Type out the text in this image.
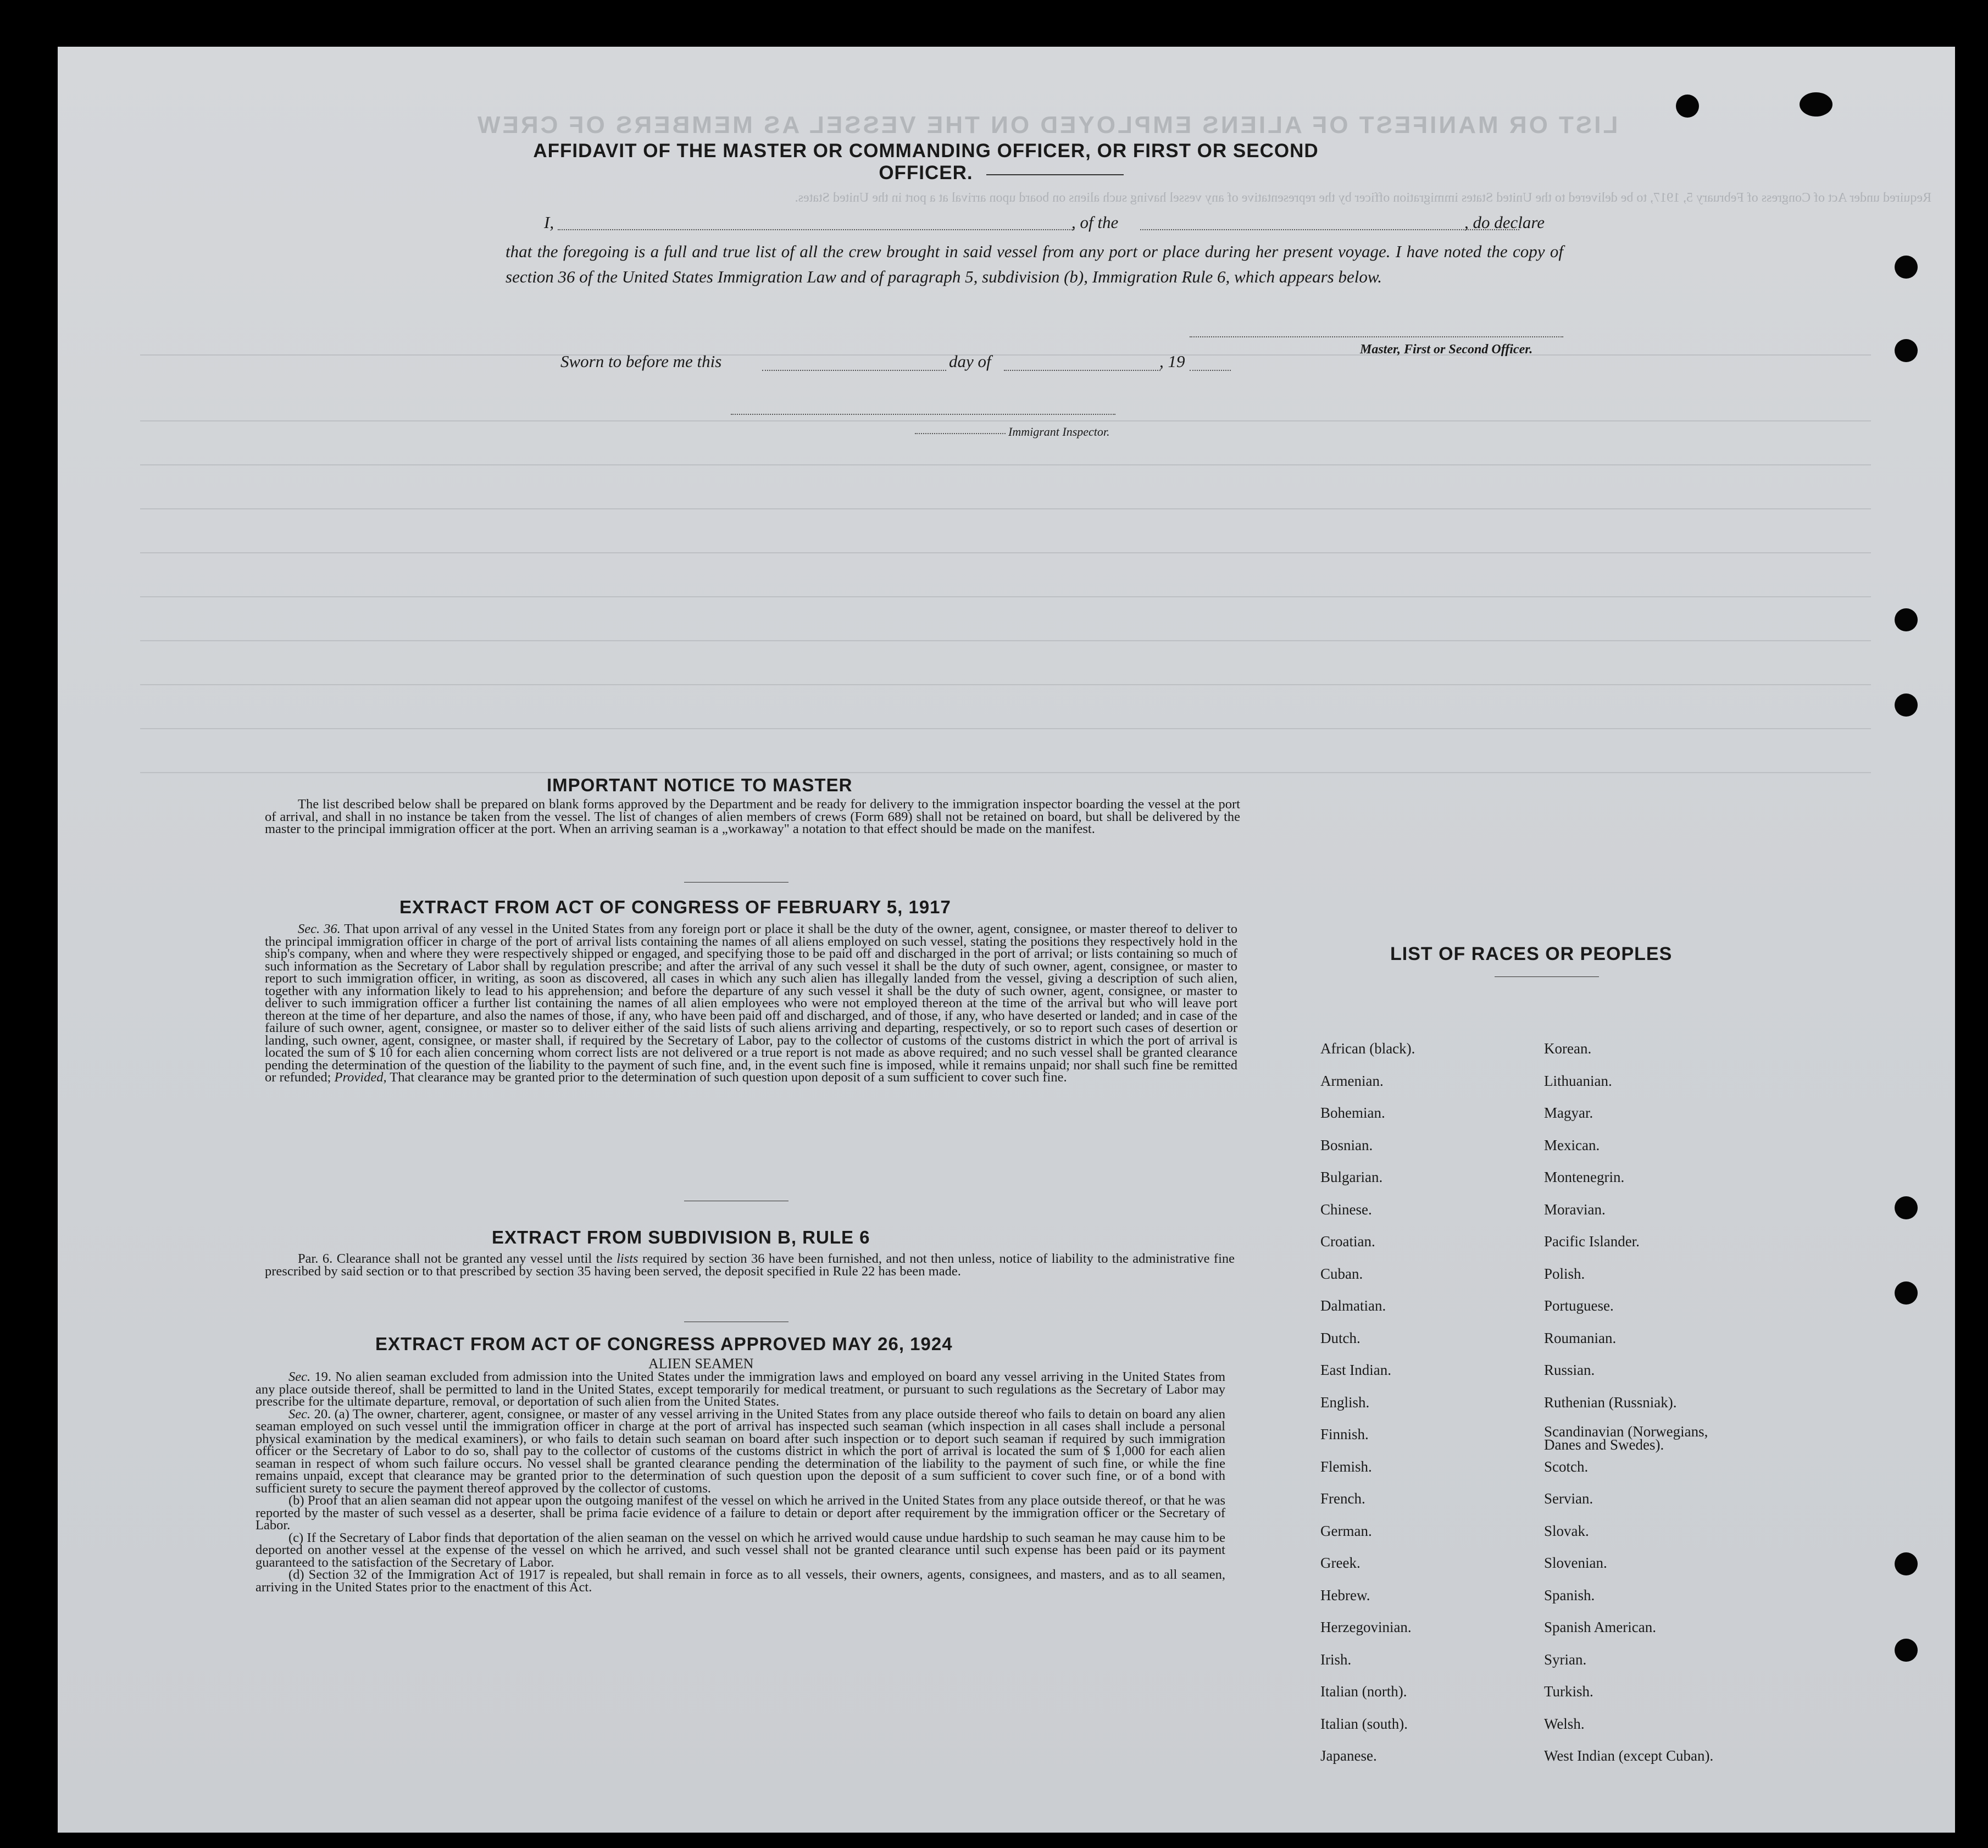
LIST OR MANIFEST OF ALIENS EMPLOYED ON THE VESSEL AS MEMBERS OF CREW
Required under Act of Congress of February 5, 1917, to be delivered to the United States immigration officer by the representative of any vessel having such aliens on board upon arrival at a port in the United States.
AFFIDAVIT OF THE MASTER OR COMMANDING OFFICER, OR FIRST OR SECOND OFFICER.
I,	, of the	, do declare
that the foregoing is a full and true list of all the crew brought in said vessel from any port or place during her present voyage. I have noted the copy of section 36 of the United States Immigration Law and of paragraph 5, subdivision (b), Immigration Rule 6, which appears below.
Master, First or Second Officer.
Sworn to before me this	day of	, 19
Immigrant Inspector.
IMPORTANT NOTICE TO MASTER

The list described below shall be prepared on blank forms approved by the Department and be ready for delivery to the immigration inspector boarding the vessel at the port of arrival, and shall in no instance be taken from the vessel. The list of changes of alien members of crews (Form 689) shall not be retained on board, but shall be delivered by the master to the principal immigration officer at the port. When an arriving seaman is a „workaway" a notation to that effect should be made on the manifest.

EXTRACT FROM ACT OF CONGRESS OF FEBRUARY 5, 1917

Sec. 36. That upon arrival of any vessel in the United States from any foreign port or place it shall be the duty of the owner, agent, consignee, or master thereof to deliver to the principal immigration officer in charge of the port of arrival lists containing the names of all aliens employed on such vessel, stating the positions they respectively hold in the ship's company, when and where they were respectively shipped or engaged, and specifying those to be paid off and discharged in the port of arrival; or lists containing so much of such information as the Secretary of Labor shall by regulation prescribe; and after the arrival of any such vessel it shall be the duty of such owner, agent, consignee, or master to report to such immigration officer, in writing, as soon as discovered, all cases in which any such alien has illegally landed from the vessel, giving a description of such alien, together with any information likely to lead to his apprehension; and before the departure of any such vessel it shall be the duty of such owner, agent, consignee, or master to deliver to such immigration officer a further list containing the names of all alien employees who were not employed thereon at the time of the arrival but who will leave port thereon at the time of her departure, and also the names of those, if any, who have been paid off and discharged, and of those, if any, who have deserted or landed; and in case of the failure of such owner, agent, consignee, or master so to deliver either of the said lists of such aliens arriving and departing, respectively, or so to report such cases of desertion or landing, such owner, agent, consignee, or master shall, if required by the Secretary of Labor, pay to the collector of customs of the customs district in which the port of arrival is located the sum of $ 10 for each alien concerning whom correct lists are not delivered or a true report is not made as above required; and no such vessel shall be granted clearance pending the determination of the question of the liability to the payment of such fine, and, in the event such fine is imposed, while it remains unpaid; nor shall such fine be remitted or refunded; Provided, That clearance may be granted prior to the determination of such question upon deposit of a sum sufficient to cover such fine.

EXTRACT FROM SUBDIVISION B, RULE 6

Par. 6. Clearance shall not be granted any vessel until the lists required by section 36 have been furnished, and not then unless, notice of liability to the administrative fine prescribed by said section or to that prescribed by section 35 having been served, the deposit specified in Rule 22 has been made.

EXTRACT FROM ACT OF CONGRESS APPROVED MAY 26, 1924
ALIEN SEAMEN

Sec. 19. No alien seaman excluded from admission into the United States under the immigration laws and employed on board any vessel arriving in the United States from any place outside thereof, shall be permitted to land in the United States, except temporarily for medical treatment, or pursuant to such regulations as the Secretary of Labor may prescribe for the ultimate departure, removal, or deportation of such alien from the United States.

Sec. 20. (a) The owner, charterer, agent, consignee, or master of any vessel arriving in the United States from any place outside thereof who fails to detain on board any alien seaman employed on such vessel until the immigration officer in charge at the port of arrival has inspected such seaman (which inspection in all cases shall include a personal physical examination by the medical examiners), or who fails to detain such seaman on board after such inspection or to deport such seaman if required by such immigration officer or the Secretary of Labor to do so, shall pay to the collector of customs of the customs district in which the port of arrival is located the sum of $ 1,000 for each alien seaman in respect of whom such failure occurs. No vessel shall be granted clearance pending the determination of the liability to the payment of such fine, or while the fine remains unpaid, except that clearance may be granted prior to the determination of such question upon the deposit of a sum sufficient to cover such fine, or of a bond with sufficient surety to secure the payment thereof approved by the collector of customs.

(b) Proof that an alien seaman did not appear upon the outgoing manifest of the vessel on which he arrived in the United States from any place outside thereof, or that he was reported by the master of such vessel as a deserter, shall be prima facie evidence of a failure to detain or deport after requirement by the immigration officer or the Secretary of Labor.

(c) If the Secretary of Labor finds that deportation of the alien seaman on the vessel on which he arrived would cause undue hardship to such seaman he may cause him to be deported on another vessel at the expense of the vessel on which he arrived, and such vessel shall not be granted clearance until such expense has been paid or its payment guaranteed to the satisfaction of the Secretary of Labor.

(d) Section 32 of the Immigration Act of 1917 is repealed, but shall remain in force as to all vessels, their owners, agents, consignees, and masters, and as to all seamen, arriving in the United States prior to the enactment of this Act.

LIST OF RACES OR PEOPLES
African (black).
Armenian.
Bohemian.
Bosnian.
Bulgarian.
Chinese.
Croatian.
Cuban.
Dalmatian.
Dutch.
East Indian.
English.
Finnish.
Flemish.
French.
German.
Greek.
Hebrew.
Herzegovinian.
Irish.
Italian (north).
Italian (south).
Japanese.
Korean.
Lithuanian.
Magyar.
Mexican.
Montenegrin.
Moravian.
Pacific Islander.
Polish.
Portuguese.
Roumanian.
Russian.
Ruthenian (Russniak).
Scandinavian (Norwegians, Danes and Swedes).
Scotch.
Servian.
Slovak.
Slovenian.
Spanish.
Spanish American.
Syrian.
Turkish.
Welsh.
West Indian (except Cuban).
